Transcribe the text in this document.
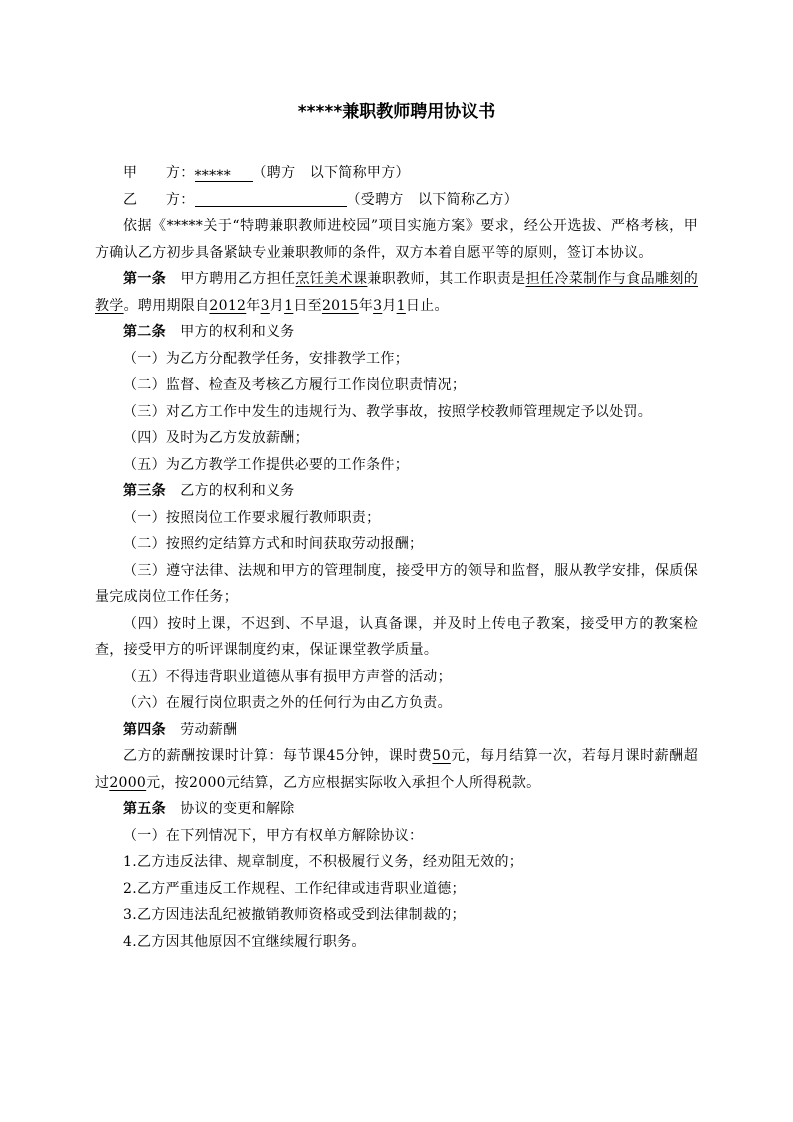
*****兼职教师聘用协议书

甲　　方：***** （聘方　以下简称甲方）

乙　　方：	（受聘方　以下简称乙方）

依据《*****关于“特聘兼职教师进校园”项目实施方案》要求，经公开选拔、严格考核，甲方确认乙方初步具备紧缺专业兼职教师的条件，双方本着自愿平等的原则，签订本协议。

第一条　甲方聘用乙方担任烹饪美术课兼职教师，其工作职责是担任冷菜制作与食品雕刻的教学。聘用期限自2012年3月1日至2015年3月1日止。

第二条　甲方的权利和义务

（一）为乙方分配教学任务，安排教学工作；

（二）监督、检查及考核乙方履行工作岗位职责情况；

（三）对乙方工作中发生的违规行为、教学事故，按照学校教师管理规定予以处罚。

（四）及时为乙方发放薪酬；

（五）为乙方教学工作提供必要的工作条件；

第三条　乙方的权利和义务

（一）按照岗位工作要求履行教师职责；

（二）按照约定结算方式和时间获取劳动报酬；

（三）遵守法律、法规和甲方的管理制度，接受甲方的领导和监督，服从教学安排，保质保量完成岗位工作任务；

（四）按时上课，不迟到、不早退，认真备课，并及时上传电子教案，接受甲方的教案检查，接受甲方的听评课制度约束，保证课堂教学质量。

（五）不得违背职业道德从事有损甲方声誉的活动；

（六）在履行岗位职责之外的任何行为由乙方负责。

第四条　劳动薪酬

乙方的薪酬按课时计算：每节课45分钟，课时费50元，每月结算一次，若每月课时薪酬超过2000元，按2000元结算，乙方应根据实际收入承担个人所得税款。

第五条　协议的变更和解除

（一）在下列情况下，甲方有权单方解除协议：

1.乙方违反法律、规章制度，不积极履行义务，经劝阻无效的；

2.乙方严重违反工作规程、工作纪律或违背职业道德；

3.乙方因违法乱纪被撤销教师资格或受到法律制裁的；

4.乙方因其他原因不宜继续履行职务。
